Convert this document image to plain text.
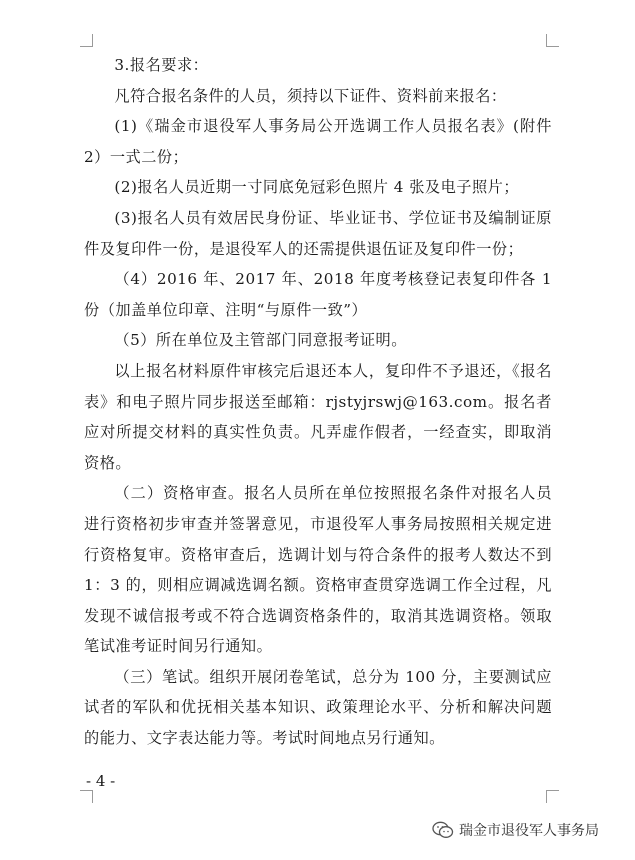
3.报名要求：

凡符合报名条件的人员，须持以下证件、资料前来报名：

(1)《瑞金市退役军人事务局公开选调工作人员报名表》(附件 2）一式二份；

(2)报名人员近期一寸同底免冠彩色照片 4 张及电子照片；

(3)报名人员有效居民身份证、毕业证书、学位证书及编制证原件及复印件一份，是退役军人的还需提供退伍证及复印件一份；

（4）2016 年、2017 年、2018 年度考核登记表复印件各 1 份（加盖单位印章、注明“与原件一致”）

（5）所在单位及主管部门同意报考证明。

以上报名材料原件审核完后退还本人，复印件不予退还，《报名表》和电子照片同步报送至邮箱：rjstyjrswj@163.com。报名者应对所提交材料的真实性负责。凡弄虚作假者，一经查实，即取消资格。

（二）资格审查。报名人员所在单位按照报名条件对报名人员进行资格初步审查并签署意见，市退役军人事务局按照相关规定进行资格复审。资格审查后，选调计划与符合条件的报考人数达不到 1：3 的，则相应调减选调名额。资格审查贯穿选调工作全过程，凡发现不诚信报考或不符合选调资格条件的，取消其选调资格。领取笔试准考证时间另行通知。

（三）笔试。组织开展闭卷笔试，总分为 100 分，主要测试应试者的军队和优抚相关基本知识、政策理论水平、分析和解决问题的能力、文字表达能力等。考试时间地点另行通知。

- 4 -
瑞金市退役军人事务局
